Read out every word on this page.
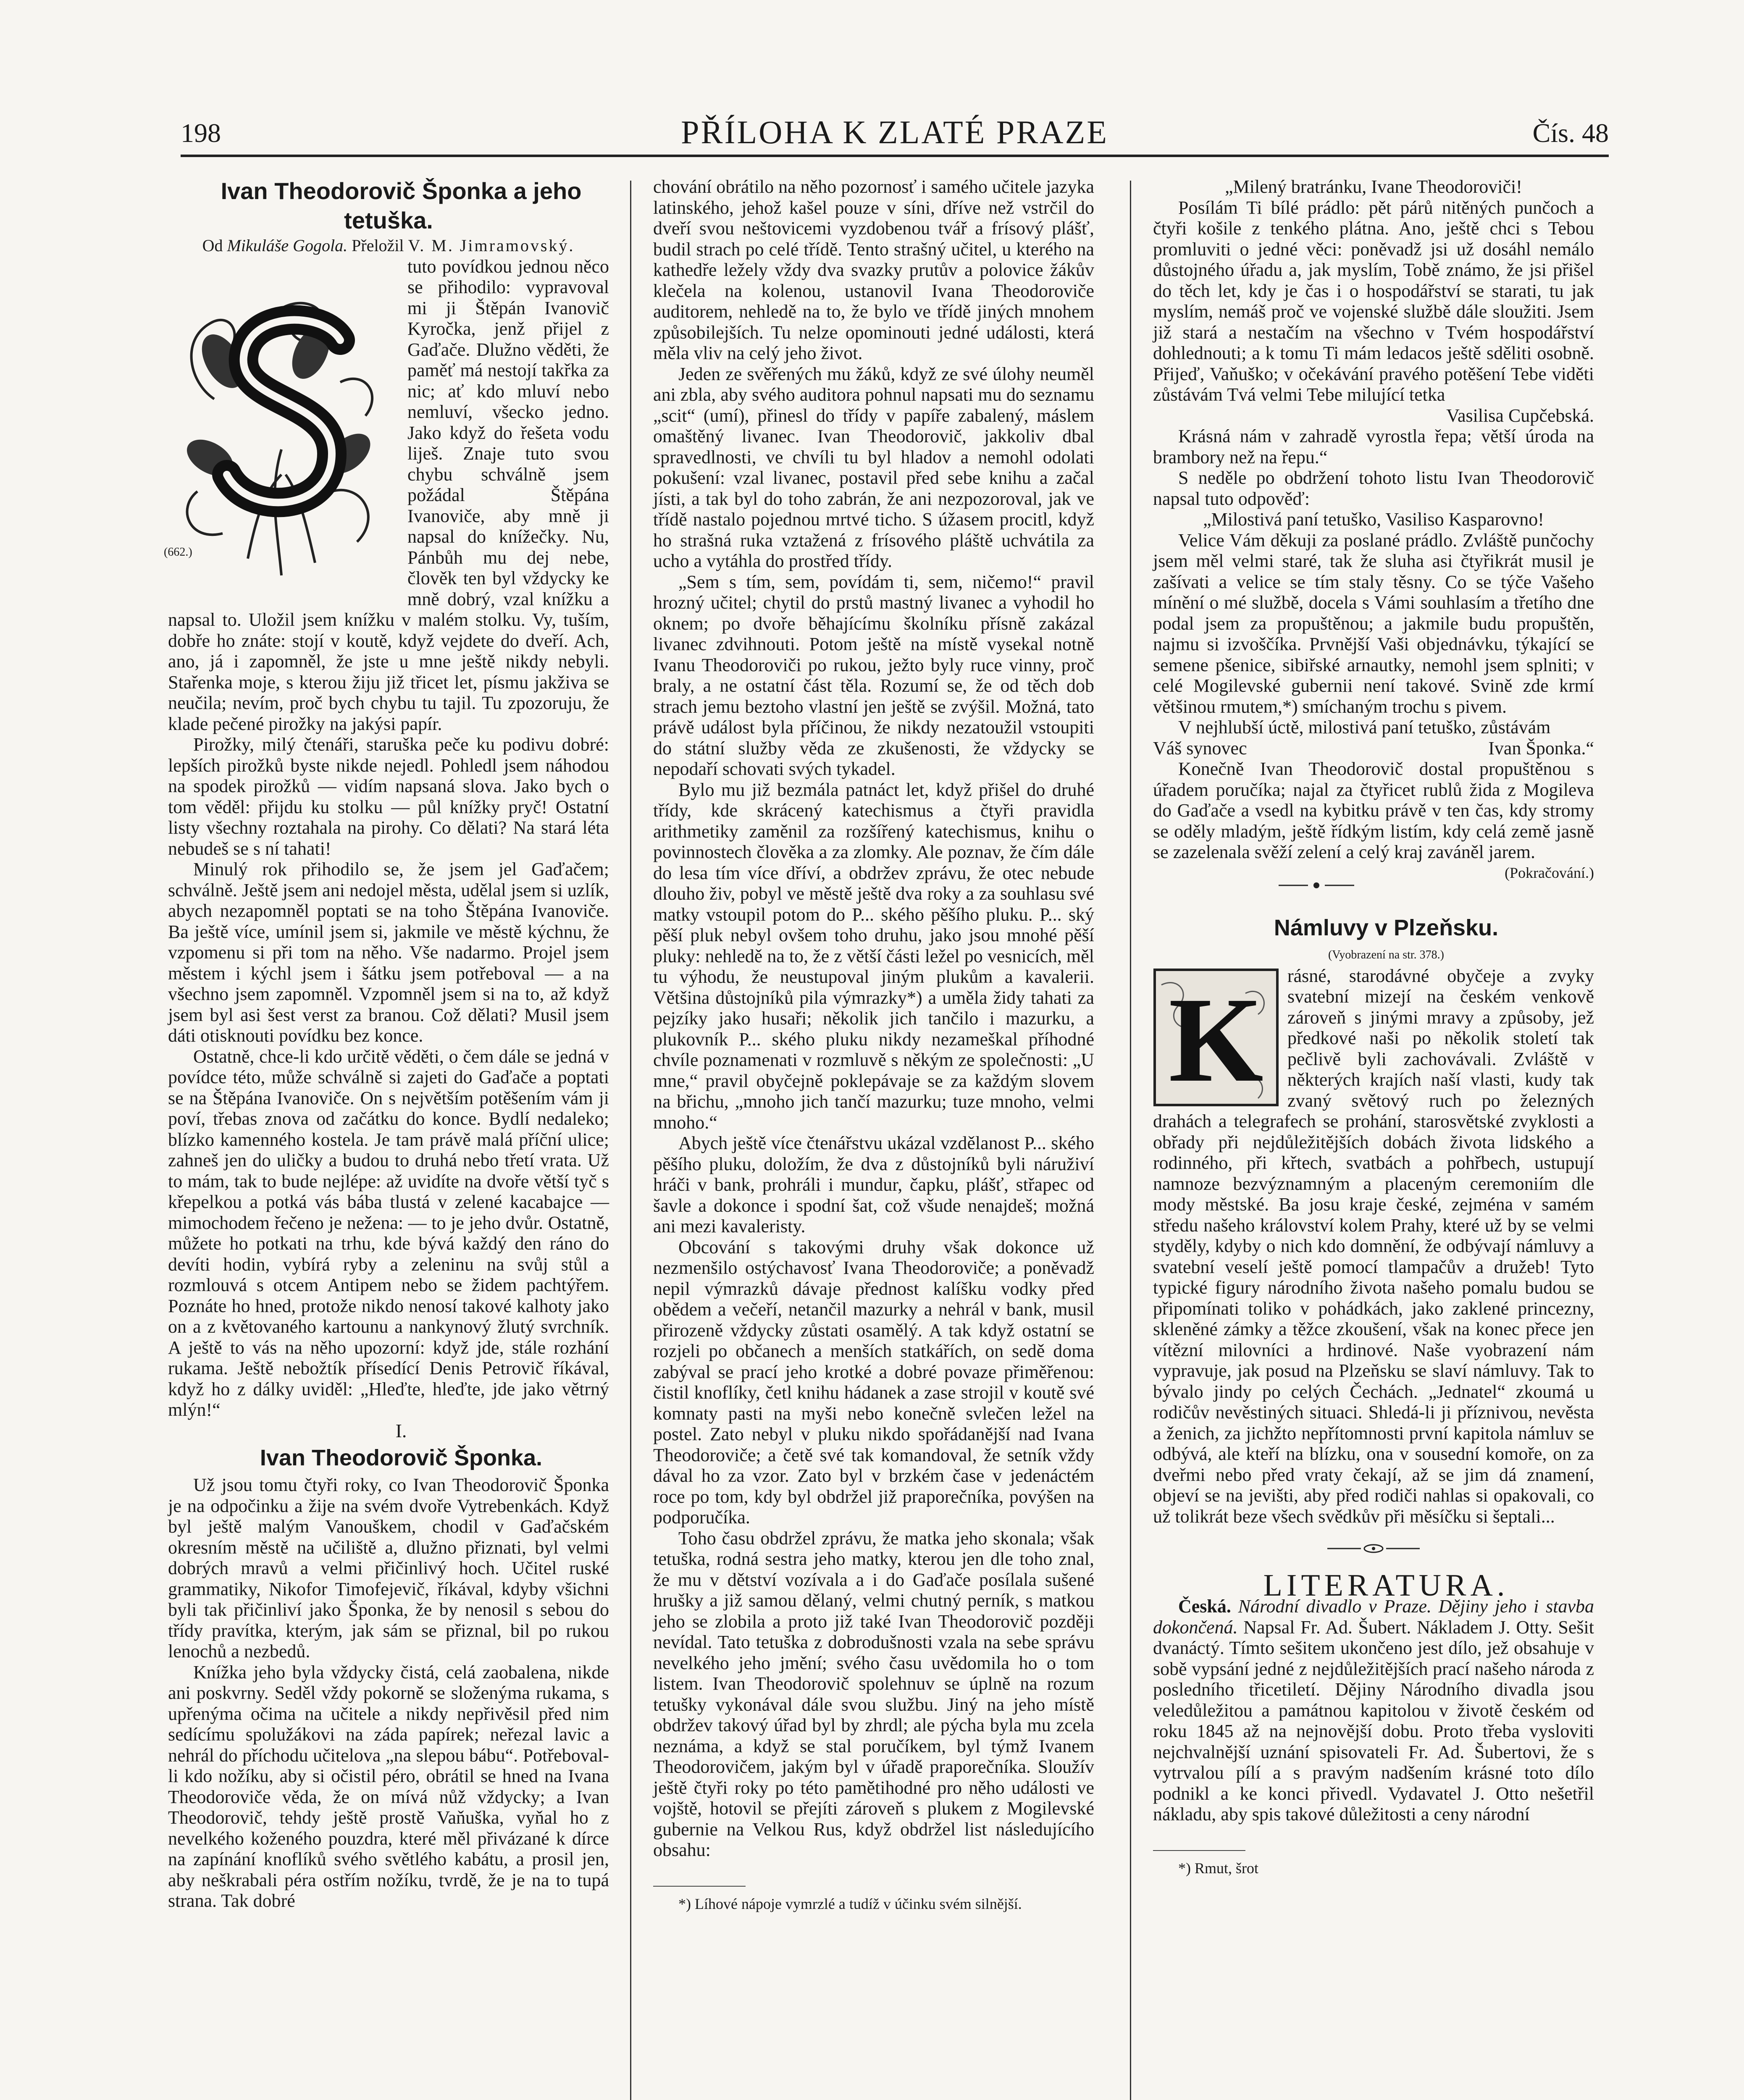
198	PŘÍLOHA K ZLATÉ PRAZE	Čís. 48

Ivan Theodorovič Šponka a jeho tetuška.

Od Mikuláše Gogola. Přeložil V. M. Jimramovský.

(662.)

tuto povídkou jednou něco se přihodilo: vypravoval mi ji Štěpán Ivanovič Kyročka, jenž přijel z Gaďače. Dlužno věděti, že paměť má nestojí takřka za nic; ať kdo mluví nebo nemluví, všecko jedno. Jako když do řešeta vodu liješ. Znaje tuto svou chybu schválně jsem požádal Štěpána Ivanoviče, aby mně ji napsal do knížečky. Nu, Pánbůh mu dej nebe, člověk ten byl vždycky ke mně dobrý, vzal knížku a napsal to. Uložil jsem knížku v malém stolku. Vy, tuším, dobře ho znáte: stojí v koutě, když vejdete do dveří. Ach, ano, já i zapomněl, že jste u mne ještě nikdy nebyli. Stařenka moje, s kterou žiju již třicet let, písmu jakživa se neučila; nevím, proč bych chybu tu tajil. Tu zpozoruju, že klade pečené pirožky na jakýsi papír.

Pirožky, milý čtenáři, staruška peče ku podivu dobré: lepších pirožků byste nikde nejedl. Pohledl jsem náhodou na spodek pirožků — vidím napsaná slova. Jako bych o tom věděl: přijdu ku stolku — půl knížky pryč! Ostatní listy všechny roztahala na pirohy. Co dělati? Na stará léta nebudeš se s ní tahati!

Minulý rok přihodilo se, že jsem jel Gaďačem; schválně. Ještě jsem ani nedojel města, udělal jsem si uzlík, abych nezapomněl poptati se na toho Štěpána Ivanoviče. Ba ještě více, umínil jsem si, jakmile ve městě kýchnu, že vzpomenu si při tom na něho. Vše nadarmo. Projel jsem městem i kýchl jsem i šátku jsem potřeboval — a na všechno jsem zapomněl. Vzpomněl jsem si na to, až když jsem byl asi šest verst za branou. Což dělati? Musil jsem dáti otisknouti povídku bez konce.

Ostatně, chce-li kdo určitě věděti, o čem dále se jedná v povídce této, může schválně si zajeti do Gaďače a poptati se na Štěpána Ivanoviče. On s největším potěšením vám ji poví, třebas znova od začátku do konce. Bydlí nedaleko; blízko kamenného kostela. Je tam právě malá příční ulice; zahneš jen do uličky a budou to druhá nebo třetí vrata. Už to mám, tak to bude nejlépe: až uvidíte na dvoře větší tyč s křepelkou a potká vás bába tlustá v zelené kacabajce — mimochodem řečeno je nežena: — to je jeho dvůr. Ostatně, můžete ho potkati na trhu, kde bývá každý den ráno do devíti hodin, vybírá ryby a zeleninu na svůj stůl a rozmlouvá s otcem Antipem nebo se židem pachtýřem. Poznáte ho hned, protože nikdo nenosí takové kalhoty jako on a z květovaného kartounu a nankynový žlutý svrchník. A ještě to vás na něho upozorní: když jde, stále rozhání rukama. Ještě nebožtík přísedící Denis Petrovič říkával, když ho z dálky uviděl: „Hleďte, hleďte, jde jako větrný mlýn!“

I.

Ivan Theodorovič Šponka.

Už jsou tomu čtyři roky, co Ivan Theodorovič Šponka je na odpočinku a žije na svém dvoře Vytrebenkách. Když byl ještě malým Vanouškem, chodil v Gaďačském okresním městě na učiliště a, dlužno přiznati, byl velmi dobrých mravů a velmi přičinlivý hoch. Učitel ruské grammatiky, Nikofor Timofejevič, říkával, kdyby všichni byli tak přičinliví jako Šponka, že by nenosil s sebou do třídy pravítka, kterým, jak sám se přiznal, bil po rukou lenochů a nezbedů.

Knížka jeho byla vždycky čistá, celá zaobalena, nikde ani poskvrny. Seděl vždy pokorně se složenýma rukama, s upřenýma očima na učitele a nikdy nepřivěsil před nim sedícímu spolužákovi na záda papírek; neřezal lavic a nehrál do příchodu učitelova „na slepou bábu“. Potřeboval-li kdo nožíku, aby si očistil péro, obrátil se hned na Ivana Theodoroviče věda, že on mívá nůž vždycky; a Ivan Theodorovič, tehdy ještě prostě Vaňuška, vyňal ho z nevelkého koženého pouzdra, které měl přivázané k dírce na zapínání knoflíků svého světlého kabátu, a prosil jen, aby neškrabali péra ostřím nožíku, tvrdě, že je na to tupá strana. Tak dobré

chování obrátilo na něho pozornosť i samého učitele jazyka latinského, jehož kašel pouze v síni, dříve než vstrčil do dveří svou neštovicemi vyzdobenou tvář a frísový plášť, budil strach po celé třídě. Tento strašný učitel, u kterého na kathedře ležely vždy dva svazky prutův a polovice žákův klečela na kolenou, ustanovil Ivana Theodoroviče auditorem, nehledě na to, že bylo ve třídě jiných mnohem způsobilejších. Tu nelze opominouti jedné události, která měla vliv na celý jeho život.

Jeden ze svěřených mu žáků, když ze své úlohy neuměl ani zbla, aby svého auditora pohnul napsati mu do seznamu „scit“ (umí), přinesl do třídy v papíře zabalený, máslem omaštěný livanec. Ivan Theodorovič, jakkoliv dbal spravedlnosti, ve chvíli tu byl hladov a nemohl odolati pokušení: vzal livanec, postavil před sebe knihu a začal jísti, a tak byl do toho zabrán, že ani nezpozoroval, jak ve třídě nastalo pojednou mrtvé ticho. S úžasem procitl, když ho strašná ruka vztažená z frísového pláště uchvátila za ucho a vytáhla do prostřed třídy.

„Sem s tím, sem, povídám ti, sem, ničemo!“ pravil hrozný učitel; chytil do prstů mastný livanec a vyhodil ho oknem; po dvoře běhajícímu školníku přísně zakázal livanec zdvihnouti. Potom ještě na místě vysekal notně Ivanu Theodoroviči po rukou, ježto byly ruce vinny, proč braly, a ne ostatní část těla. Rozumí se, že od těch dob strach jemu beztoho vlastní jen ještě se zvýšil. Možná, tato právě událost byla příčinou, že nikdy nezatoužil vstoupiti do státní služby věda ze zkušenosti, že vždycky se nepodaří schovati svých tykadel.

Bylo mu již bezmála patnáct let, když přišel do druhé třídy, kde skrácený katechismus a čtyři pravidla arithmetiky zaměnil za rozšířený katechismus, knihu o povinnostech člověka a za zlomky. Ale poznav, že čím dále do lesa tím více dříví, a obdržev zprávu, že otec nebude dlouho živ, pobyl ve městě ještě dva roky a za souhlasu své matky vstoupil potom do P... ského pěšího pluku. P... ský pěší pluk nebyl ovšem toho druhu, jako jsou mnohé pěší pluky: nehledě na to, že z větší části ležel po vesnicích, měl tu výhodu, že neustupoval jiným plukům a kavalerii. Většina důstojníků pila výmrazky*) a uměla židy tahati za pejzíky jako husaři; několik jich tančilo i mazurku, a plukovník P... ského pluku nikdy nezameškal příhodné chvíle poznamenati v rozmluvě s někým ze společnosti: „U mne,“ pravil obyčejně poklepávaje se za každým slovem na břichu, „mnoho jich tančí mazurku; tuze mnoho, velmi mnoho.“

Abych ještě více čtenářstvu ukázal vzdělanost P... ského pěšího pluku, doložím, že dva z důstojníků byli náruživí hráči v bank, prohráli i mundur, čapku, plášť, střapec od šavle a dokonce i spodní šat, což všude nenajdeš; možná ani mezi kavaleristy.

Obcování s takovými druhy však dokonce už nezmenšilo ostýchavosť Ivana Theodoroviče; a poněvadž nepil výmrazků dávaje přednost kalíšku vodky před obědem a večeří, netančil mazurky a nehrál v bank, musil přirozeně vždycky zůstati osamělý. A tak když ostatní se rozjeli po občanech a menších statkářích, on sedě doma zabýval se prací jeho krotké a dobré povaze přiměřenou: čistil knoflíky, četl knihu hádanek a zase strojil v koutě své komnaty pasti na myši nebo konečně svlečen ležel na postel. Zato nebyl v pluku nikdo spořádanější nad Ivana Theodoroviče; a četě své tak komandoval, že setník vždy dával ho za vzor. Zato byl v brzkém čase v jedenáctém roce po tom, kdy byl obdržel již praporečníka, povýšen na podporučíka.

Toho času obdržel zprávu, že matka jeho skonala; však tetuška, rodná sestra jeho matky, kterou jen dle toho znal, že mu v dětství vozívala a i do Gaďače posílala sušené hrušky a již samou dělaný, velmi chutný perník, s matkou jeho se zlobila a proto již také Ivan Theodorovič později nevídal. Tato tetuška z dobrodušnosti vzala na sebe správu nevelkého jeho jmění; svého času uvědomila ho o tom listem. Ivan Theodorovič spolehnuv se úplně na rozum tetušky vykonával dále svou službu. Jiný na jeho místě obdržev takový úřad byl by zhrdl; ale pýcha byla mu zcela neznáma, a když se stal poručíkem, byl týmž Ivanem Theodorovičem, jakým byl v úřadě praporečníka. Sloužív ještě čtyři roky po této pamětihodné pro něho události ve vojště, hotovil se přejíti zároveň s plukem z Mogilevské gubernie na Velkou Rus, když obdržel list následujícího obsahu:

*) Líhové nápoje vymrzlé a tudíž v účinku svém silnější.

„Milený bratránku, Ivane Theodoroviči!

Posílám Ti bílé prádlo: pět párů nitěných punčoch a čtyři košile z tenkého plátna. Ano, ještě chci s Tebou promluviti o jedné věci: poněvadž jsi už dosáhl nemálo důstojného úřadu a, jak myslím, Tobě známo, že jsi přišel do těch let, kdy je čas i o hospodářství se starati, tu jak myslím, nemáš proč ve vojenské službě dále sloužiti. Jsem již stará a nestačím na všechno v Tvém hospodářství dohlednouti; a k tomu Ti mám ledacos ještě sděliti osobně. Přijeď, Vaňuško; v očekávání pravého potěšení Tebe viděti zůstávám Tvá velmi Tebe milující tetka

Vasilisa Cupčebská.

Krásná nám v zahradě vyrostla řepa; větší úroda na brambory než na řepu.“

S neděle po obdržení tohoto listu Ivan Theodorovič napsal tuto odpověď:

„Milostivá paní tetuško, Vasiliso Kasparovno!

Velice Vám děkuji za poslané prádlo. Zvláště punčochy jsem měl velmi staré, tak že sluha asi čtyřikrát musil je zašívati a velice se tím staly těsny. Co se týče Vašeho mínění o mé službě, docela s Vámi souhlasím a třetího dne podal jsem za propuštěnou; a jakmile budu propuštěn, najmu si izvoščíka. Prvnější Vaši objednávku, týkající se semene pšenice, sibiřské arnautky, nemohl jsem splniti; v celé Mogilevské gubernii není takové. Svině zde krmí většinou rmutem,*) smíchaným trochu s pivem.

V nejhlubší úctě, milostivá paní tetuško, zůstávám

Váš synovec	Ivan Šponka.“

Konečně Ivan Theodorovič dostal propuštěnou s úřadem poručíka; najal za čtyřicet rublů žida z Mogileva do Gaďače a vsedl na kybitku právě v ten čas, kdy stromy se oděly mladým, ještě řídkým listím, kdy celá země jasně se zazelenala svěží zelení a celý kraj zaváněl jarem.
(Pokračování.)

Námluvy v Plzeňsku.

(Vyobrazení na str. 378.)

K	rásné, starodávné obyčeje a zvyky svatební mizejí na českém venkově zároveň s jinými mravy a způsoby, jež předkové naši po několik století tak pečlivě byli zachovávali. Zvláště v některých krajích naší vlasti, kudy tak zvaný světový ruch po železných drahách a telegrafech se prohání, starosvětské zvyklosti a obřady při nejdůležitějších dobách života lidského a rodinného, při křtech, svatbách a pohřbech, ustupují namnoze bezvýznamným a placeným ceremoniím dle mody městské. Ba josu kraje české, zejména v samém středu našeho království kolem Prahy, které už by se velmi styděly, kdyby o nich kdo domnění, že odbývají námluvy a svatební veselí ještě pomocí tlampačův a družeb! Tyto typické figury národního života našeho pomalu budou se připomínati toliko v pohádkách, jako zaklené princezny, skleněné zámky a těžce zkoušení, však na konec přece jen vítězní milovníci a hrdinové. Naše vyobrazení nám vypravuje, jak posud na Plzeňsku se slaví námluvy. Tak to bývalo jindy po celých Čechách. „Jednatel“ zkoumá u rodičův nevěstiných situaci. Shledá-li ji příznivou, nevěsta a ženich, za jichžto nepřítomnosti první kapitola námluv se odbývá, ale kteří na blízku, ona v sousední komoře, on za dveřmi nebo před vraty čekají, až se jim dá znamení, objeví se na jevišti, aby před rodiči nahlas si opakovali, co už tolikrát beze všech svědkův při měsíčku si šeptali...

LITERATURA.

Česká. Národní divadlo v Praze. Dějiny jeho i stavba dokončená. Napsal Fr. Ad. Šubert. Nákladem J. Otty. Sešit dvanáctý. Tímto sešitem ukončeno jest dílo, jež obsahuje v sobě vypsání jedné z nejdůležitějších prací našeho národa z posledního třicetiletí. Dějiny Národního divadla jsou veledůležitou a památnou kapitolou v životě českém od roku 1845 až na nejnovější dobu. Proto třeba vysloviti nejchvalnější uznání spisovateli Fr. Ad. Šubertovi, že s vytrvalou pílí a s pravým nadšením krásné toto dílo podnikl a ke konci přivedl. Vydavatel J. Otto nešetřil nákladu, aby spis takové důležitosti a ceny národní

*) Rmut, šrot
